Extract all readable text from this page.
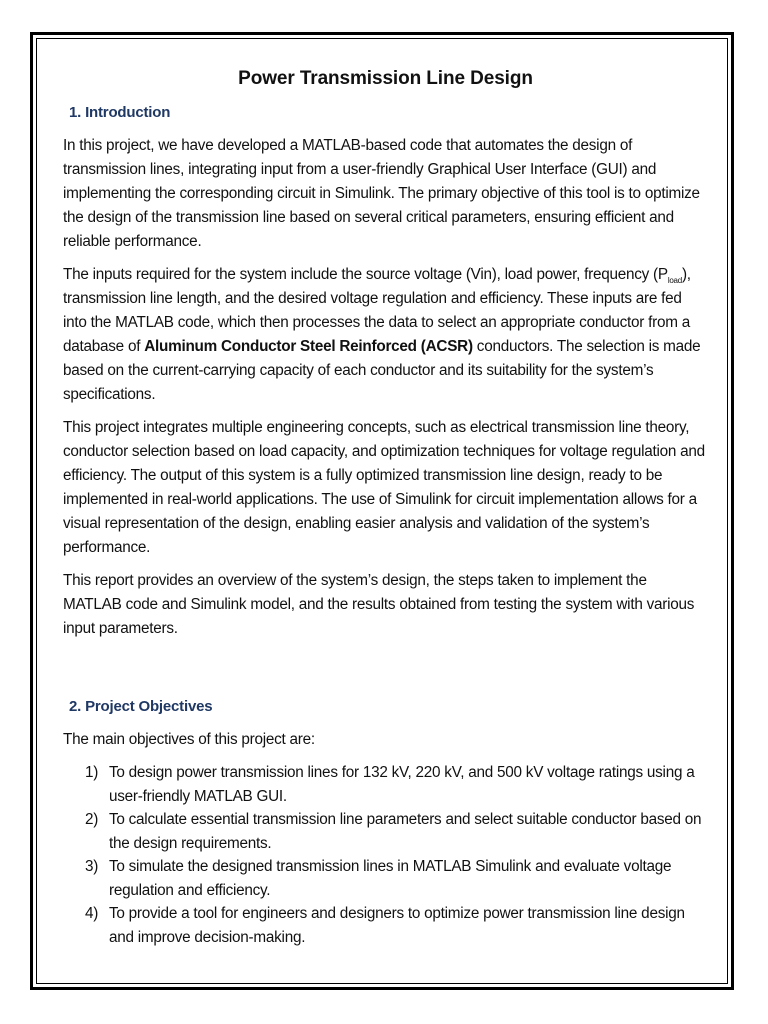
Power Transmission Line Design
1. Introduction

In this project, we have developed a MATLAB-based code that automates the design of transmission lines, integrating input from a user-friendly Graphical User Interface (GUI) and implementing the corresponding circuit in Simulink. The primary objective of this tool is to optimize the design of the transmission line based on several critical parameters, ensuring efficient and reliable performance.

The inputs required for the system include the source voltage (Vin), load power, frequency $(P_{load})$, transmission line length, and the desired voltage regulation and efficiency. These inputs are fed into the MATLAB code, which then processes the data to select an appropriate conductor from a database of Aluminum Conductor Steel Reinforced (ACSR) conductors. The selection is made based on the current-carrying capacity of each conductor and its suitability for the system’s specifications.

This project integrates multiple engineering concepts, such as electrical transmission line theory, conductor selection based on load capacity, and optimization techniques for voltage regulation and efficiency. The output of this system is a fully optimized transmission line design, ready to be implemented in real-world applications. The use of Simulink for circuit implementation allows for a visual representation of the design, enabling easier analysis and validation of the system’s performance.

This report provides an overview of the system’s design, the steps taken to implement the MATLAB code and Simulink model, and the results obtained from testing the system with various input parameters.

2. Project Objectives

The main objectives of this project are:

1) To design power transmission lines for 132 kV, 220 kV, and 500 kV voltage ratings using a user-friendly MATLAB GUI.
2) To calculate essential transmission line parameters and select suitable conductor based on the design requirements.
3) To simulate the designed transmission lines in MATLAB Simulink and evaluate voltage regulation and efficiency.
4) To provide a tool for engineers and designers to optimize power transmission line design and improve decision-making.
